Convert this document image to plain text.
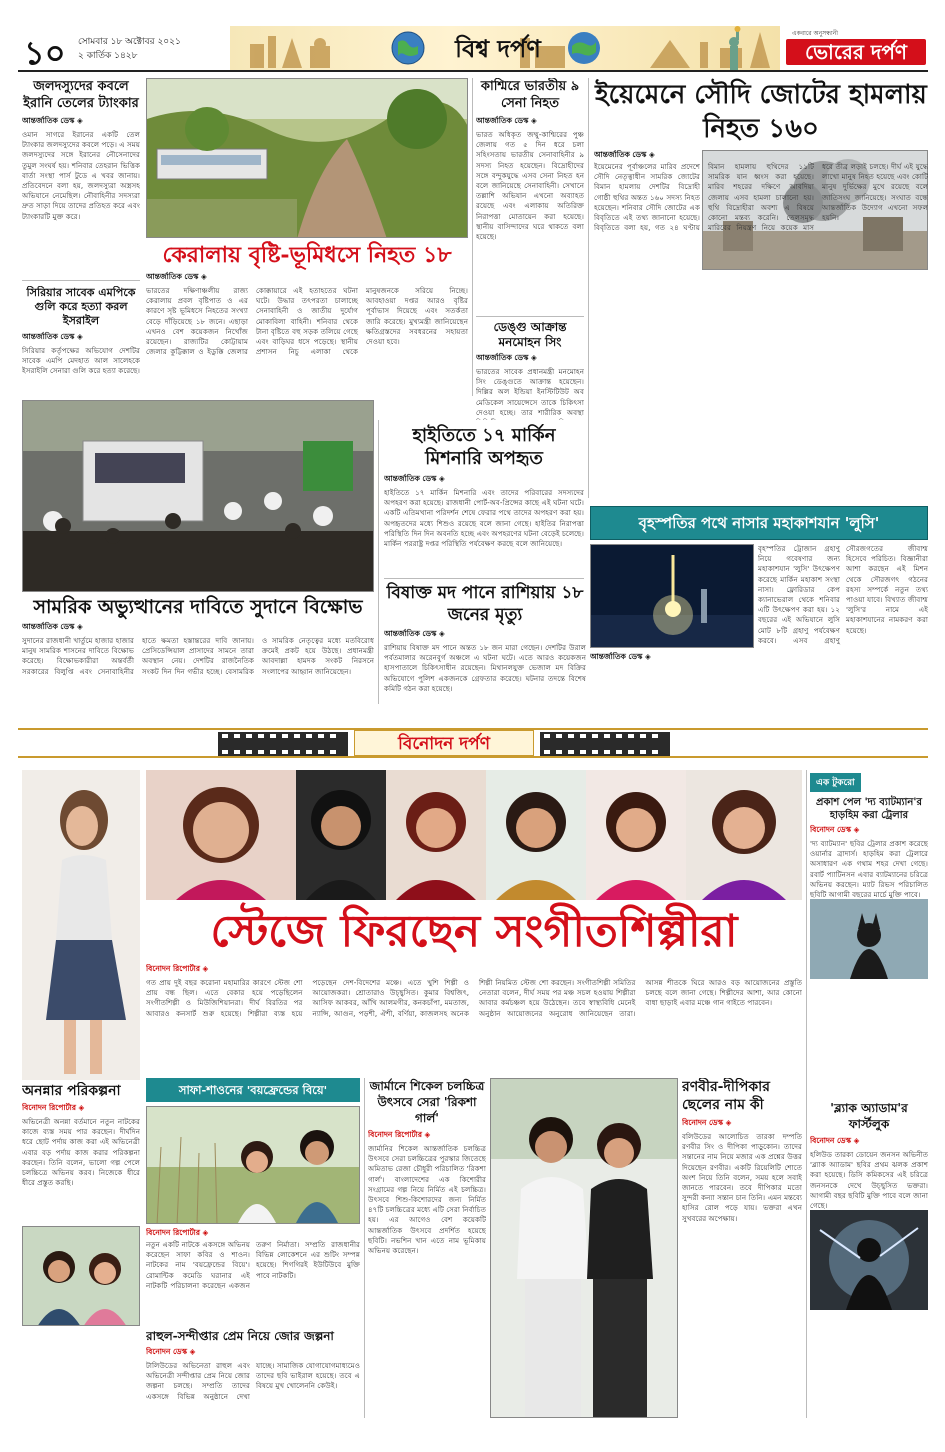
১০	সোমবার ১৮ অক্টোবর ২০২১
২ কার্তিক ১৪২৮	বিশ্ব দর্পণ
একবারে অনুসন্ধানী
ভোরের দর্পণ
জলদস্যুদের কবলে ইরানি তেলের ট্যাংকার
আন্তর্জাতিক ডেস্ক ◈
ওমান সাগরে ইরানের একটি তেল ট্যাংকার জলদস্যুদের কবলে পড়ে। এ সময় জলদস্যুদের সঙ্গে ইরানের নৌসেনাদের তুমুল সংঘর্ষ হয়। শনিবার তেহরান ভিত্তিক বার্তা সংস্থা পার্স টুডে এ খবর জানায়। প্রতিবেদনে বলা হয়, জলদস্যুরা অস্ত্রসহ অভিযানে নেমেছিল। নৌবাহিনীর সদস্যরা দ্রুত সাড়া দিয়ে তাদের প্রতিহত করে এবং ট্যাংকারটি মুক্ত করে।
সিরিয়ার সাবেক এমপিকে গুলি করে হত্যা করল ইসরাইল
আন্তর্জাতিক ডেস্ক ◈
সিরিয়ার কর্তৃপক্ষের অভিযোগ দেশটির সাবেক এমপি মেদহাত আল সালেহকে ইসরাইলি সেনারা গুলি করে হত্যা করেছে।
কেরালায় বৃষ্টি-ভূমিধসে নিহত ১৮
আন্তর্জাতিক ডেস্ক ◈
ভারতের দক্ষিণাঞ্চলীয় রাজ্য কেরালায় প্রবল বৃষ্টিপাত ও এর কারণে সৃষ্ট ভূমিধসে নিহতের সংখ্যা বেড়ে দাঁড়িয়েছে ১৮ জনে। এছাড়া এখনও বেশ কয়েকজন নিখোঁজ রয়েছেন। রাজ্যটির কোট্টায়াম জেলার কুট্টিক্কাল ও ইডুক্কি জেলার কোক্কায়ারে এই হতাহতের ঘটনা ঘটে। উদ্ধার তৎপরতা চালাচ্ছে সেনাবাহিনী ও জাতীয় দুর্যোগ মোকাবিলা বাহিনী। শনিবার থেকে টানা বৃষ্টিতে বহু সড়ক তলিয়ে গেছে এবং বাড়িঘর ধসে পড়েছে। স্থানীয় প্রশাসন নিচু এলাকা থেকে মানুষজনকে সরিয়ে নিচ্ছে। আবহাওয়া দপ্তর আরও বৃষ্টির পূর্বাভাস দিয়েছে এবং সতর্কতা জারি করেছে। মুখ্যমন্ত্রী জানিয়েছেন ক্ষতিগ্রস্তদের সবধরনের সহায়তা দেওয়া হবে।
কাশ্মিরে ভারতীয় ৯ সেনা নিহত
আন্তর্জাতিক ডেস্ক ◈
ভারত অধিকৃত জম্মু-কাশ্মিরের পুঞ্চ জেলায় গত ৫ দিন ধরে চলা সহিংসতায় ভারতীয় সেনাবাহিনীর ৯ সদস্য নিহত হয়েছেন। বিদ্রোহীদের সঙ্গে বন্দুকযুদ্ধে এসব সেনা নিহত হন বলে জানিয়েছে সেনাবাহিনী। সেখানে তল্লাশি অভিযান এখনো অব্যাহত রয়েছে এবং এলাকায় অতিরিক্ত নিরাপত্তা মোতায়েন করা হয়েছে। স্থানীয় বাসিন্দাদের ঘরে থাকতে বলা হয়েছে।
ডেঙ্গু আক্রান্ত মনমোহন সিং
আন্তর্জাতিক ডেস্ক ◈
ভারতের সাবেক প্রধানমন্ত্রী মনমোহন সিং ডেঙ্গুতে আক্রান্ত হয়েছেন। দিল্লির অল ইন্ডিয়া ইনস্টিটিউট অব মেডিকেল সায়েন্সেসে তাকে চিকিৎসা দেওয়া হচ্ছে। তার শারীরিক অবস্থা
ইয়েমেনে সৌদি জোটের হামলায় নিহত ১৬০
আন্তর্জাতিক ডেস্ক ◈
ইয়েমেনের পূর্বাঞ্চলের মারিব প্রদেশে সৌদি নেতৃত্বাধীন সামরিক জোটের বিমান হামলায় দেশটির বিদ্রোহী গোষ্ঠী হুথির অন্তত ১৬০ সদস্য নিহত হয়েছেন। শনিবার সৌদি জোটের এক বিবৃতিতে এই তথ্য জানানো হয়েছে। বিবৃতিতে বলা হয়, গত ২৪ ঘণ্টায় বিমান হামলায় হুথিদের ১১টি সামরিক যান ধ্বংস করা হয়েছে। মারিব শহরের দক্ষিণে আবদিয়া জেলায় এসব হামলা চালানো হয়। হুথি বিদ্রোহীরা অবশ্য এ বিষয়ে কোনো মন্তব্য করেনি। তেলসমৃদ্ধ মারিবের নিয়ন্ত্রণ নিয়ে কয়েক মাস ধরে তীব্র লড়াই চলছে। দীর্ঘ এই যুদ্ধে লাখো মানুষ নিহত হয়েছে এবং কোটি মানুষ দুর্ভিক্ষের মুখে রয়েছে বলে জাতিসংঘ জানিয়েছে। সংঘাত বন্ধে আন্তর্জাতিক উদ্যোগ এখনো সফল হয়নি।
সামরিক অভ্যুত্থানের দাবিতে সুদানে বিক্ষোভ
আন্তর্জাতিক ডেস্ক ◈
সুদানের রাজধানী খার্তুমে হাজার হাজার মানুষ সামরিক শাসনের দাবিতে বিক্ষোভ করেছে। বিক্ষোভকারীরা অন্তর্বর্তী সরকারের বিলুপ্তি এবং সেনাবাহিনীর হাতে ক্ষমতা হস্তান্তরের দাবি জানায়। প্রেসিডেন্সিয়াল প্রাসাদের সামনে তারা অবস্থান নেয়। দেশটির রাজনৈতিক সংকট দিন দিন গভীর হচ্ছে। বেসামরিক ও সামরিক নেতৃত্বের মধ্যে মতবিরোধ ক্রমেই প্রকট হয়ে উঠছে। প্রধানমন্ত্রী আবদাল্লা হামদক সংকট নিরসনে সংলাপের আহ্বান জানিয়েছেন।
হাইতিতে ১৭ মার্কিন মিশনারি অপহৃত
আন্তর্জাতিক ডেস্ক ◈
হাইতিতে ১৭ মার্কিন মিশনারি এবং তাদের পরিবারের সদস্যদের অপহরণ করা হয়েছে। রাজধানী পোর্ট-অব-প্রিন্সের কাছে এই ঘটনা ঘটে। একটি এতিমখানা পরিদর্শন শেষে ফেরার পথে তাদের অপহরণ করা হয়। অপহৃতদের মধ্যে শিশুও রয়েছে বলে জানা গেছে। হাইতির নিরাপত্তা পরিস্থিতি দিন দিন অবনতি হচ্ছে এবং অপহরণের ঘটনা বেড়েই চলেছে। মার্কিন পররাষ্ট্র দপ্তর পরিস্থিতি পর্যবেক্ষণ করছে বলে জানিয়েছে।
বৃহস্পতির পথে নাসার মহাকাশযান 'লুসি'
আন্তর্জাতিক ডেস্ক ◈
বৃহস্পতির ট্রোজান গ্রহাণু নিয়ে গবেষণার জন্য মহাকাশযান 'লুসি' উৎক্ষেপণ করেছে মার্কিন মহাকাশ সংস্থা নাসা। ফ্লোরিডার কেপ ক্যানাভেরাল থেকে শনিবার এটি উৎক্ষেপণ করা হয়। ১২ বছরের এই অভিযানে লুসি মোট ৮টি গ্রহাণু পর্যবেক্ষণ করবে। এসব গ্রহাণু সৌরজগতের জীবাশ্ম হিসেবে পরিচিত। বিজ্ঞানীরা আশা করছেন এই মিশন থেকে সৌরজগৎ গঠনের রহস্য সম্পর্কে নতুন তথ্য পাওয়া যাবে। বিখ্যাত জীবাশ্ম 'লুসি'র নামে এই মহাকাশযানের নামকরণ করা হয়েছে।
বিষাক্ত মদ পানে রাশিয়ায় ১৮ জনের মৃত্যু
আন্তর্জাতিক ডেস্ক ◈
রাশিয়ায় বিষাক্ত মদ পানে অন্তত ১৮ জন মারা গেছেন। দেশটির উরাল পর্বতমালার অরেনবুর্গ অঞ্চলে এ ঘটনা ঘটে। এতে আরও কয়েকজন হাসপাতালে চিকিৎসাধীন রয়েছেন। মিথানলযুক্ত ভেজাল মদ বিক্রির অভিযোগে পুলিশ একজনকে গ্রেফতার করেছে। ঘটনার তদন্তে বিশেষ কমিটি গঠন করা হয়েছে।
বিনোদন দর্পণ
স্টেজে ফিরছেন সংগীতশিল্পীরা
বিনোদন রিপোর্টার ◈
গত প্রায় দুই বছর করোনা মহামারির কারণে স্টেজ শো প্রায় বন্ধ ছিল। এতে বেকার হয়ে পড়েছিলেন সংগীতশিল্পী ও মিউজিশিয়ানরা। দীর্ঘ বিরতির পর আবারও কনসার্ট শুরু হয়েছে। শিল্পীরা ব্যস্ত হয়ে পড়েছেন দেশ-বিদেশের মঞ্চে। এতে খুশি শিল্পী ও আয়োজকরা। শ্রোতারাও উচ্ছ্বসিত। কুমার বিশ্বজিৎ, আসিফ আকবর, আঁখি আলমগীর, কনকচাঁপা, মমতাজ, ন্যান্সি, আগুন, পড়শী, ঐশী, বর্ণিয়া, কাজলসহ অনেক শিল্পী নিয়মিত স্টেজ শো করছেন। সংগীতশিল্পী সমিতির নেতারা বলেন, দীর্ঘ সময় পর মঞ্চ সচল হওয়ায় শিল্পীরা আবার কর্মচঞ্চল হয়ে উঠেছেন। তবে স্বাস্থ্যবিধি মেনেই অনুষ্ঠান আয়োজনের অনুরোধ জানিয়েছেন তারা। আসন্ন শীতকে ঘিরে আরও বড় আয়োজনের প্রস্তুতি চলছে বলে জানা গেছে। শিল্পীদের আশা, আর কোনো বাধা ছাড়াই এবার মঞ্চে গান গাইতে পারবেন।
অনন্নার পরিকল্পনা
বিনোদন রিপোর্টার ◈
অভিনেত্রী অনন্না বর্তমানে নতুন নাটকের কাজে ব্যস্ত সময় পার করছেন। দীর্ঘদিন ধরে ছোট পর্দায় কাজ করা এই অভিনেত্রী এবার বড় পর্দায় কাজ করার পরিকল্পনা করছেন। তিনি বলেন, ভালো গল্প পেলে চলচ্চিত্রে অভিনয় করব। নিজেকে ধীরে ধীরে প্রস্তুত করছি।
সাফা-শাওনের 'বয়ফ্রেন্ডের বিয়ে'
বিনোদন রিপোর্টার ◈
নতুন একটি নাটকে একসঙ্গে অভিনয় করেছেন সাফা কবির ও শাওন। নাটকের নাম 'বয়ফ্রেন্ডের বিয়ে'। রোমান্টিক কমেডি ঘরানার এই নাটকটি পরিচালনা করেছেন একজন তরুণ নির্মাতা। সম্প্রতি রাজধানীর বিভিন্ন লোকেশনে এর শুটিং সম্পন্ন হয়েছে। শিগগিরই ইউটিউবে মুক্তি পাবে নাটকটি।
জার্মানে শিকেল চলচ্চিত্র উৎসবে সেরা 'রিকশা গার্ল'
বিনোদন রিপোর্টার ◈
জার্মানির শিকেল আন্তর্জাতিক চলচ্চিত্র উৎসবে সেরা চলচ্চিত্রের পুরস্কার জিতেছে অমিতাভ রেজা চৌধুরী পরিচালিত 'রিকশা গার্ল'। বাংলাদেশের এক কিশোরীর সংগ্রামের গল্প নিয়ে নির্মিত এই চলচ্চিত্র। উৎসবে শিশু-কিশোরদের জন্য নির্মিত ৪৭টি চলচ্চিত্রের মধ্যে এটি সেরা নির্বাচিত হয়। এর আগেও বেশ কয়েকটি আন্তর্জাতিক উৎসবে প্রদর্শিত হয়েছে ছবিটি। নভশিন খান এতে নাম ভূমিকায় অভিনয় করেছেন।
রণবীর-দীপিকার ছেলের নাম কী
বিনোদন ডেস্ক ◈
বলিউডের আলোচিত তারকা দম্পতি রণবীর সিং ও দীপিকা পাড়ুকোন। তাদের সন্তানের নাম নিয়ে মজার এক প্রশ্নের উত্তর দিয়েছেন রণবীর। একটি রিয়েলিটি শোতে অংশ নিয়ে তিনি বলেন, সময় হলে সবাই জানতে পারবেন। তবে দীপিকার মতো সুন্দরী কন্যা সন্তান চান তিনি। এমন মন্তব্যে হাসির রোল পড়ে যায়। ভক্তরা এখন সুখবরের অপেক্ষায়।
রাহুল-সন্দীপ্তার প্রেম নিয়ে জোর জল্পনা
বিনোদন ডেস্ক ◈
টালিউডের অভিনেতা রাহুল এবং অভিনেত্রী সন্দীপ্তার প্রেম নিয়ে জোর জল্পনা চলছে। সম্প্রতি তাদের একসঙ্গে বিভিন্ন অনুষ্ঠানে দেখা যাচ্ছে। সামাজিক যোগাযোগমাধ্যমেও তাদের ছবি ভাইরাল হয়েছে। তবে এ বিষয়ে মুখ খোলেননি কেউই।
এক টুকরো
প্রকাশ পেল 'দ্য ব্যাটম্যান'র হাড়হিম করা ট্রেলার
বিনোদন ডেস্ক ◈
'দ্য ব্যাটম্যান' ছবির ট্রেলার প্রকাশ করেছে ওয়ার্নার ব্রাদার্স। হাড়হিম করা ট্রেলারে অসাধারণ এক গথাম শহর দেখা গেছে। রবার্ট প্যাটিনসন এবার ব্যাটম্যানের চরিত্রে অভিনয় করছেন। ম্যাট রিভস পরিচালিত ছবিটি আগামী বছরের মার্চে মুক্তি পাবে।
'ব্ল্যাক অ্যাডাম'র ফার্স্টলুক
বিনোদন ডেস্ক ◈
হলিউড তারকা ডোয়েন জনসন অভিনীত 'ব্ল্যাক অ্যাডাম' ছবির প্রথম ঝলক প্রকাশ করা হয়েছে। ডিসি কমিকসের এই চরিত্রে জনসনকে দেখে উচ্ছ্বসিত ভক্তরা। আগামী বছর ছবিটি মুক্তি পাবে বলে জানা গেছে।
